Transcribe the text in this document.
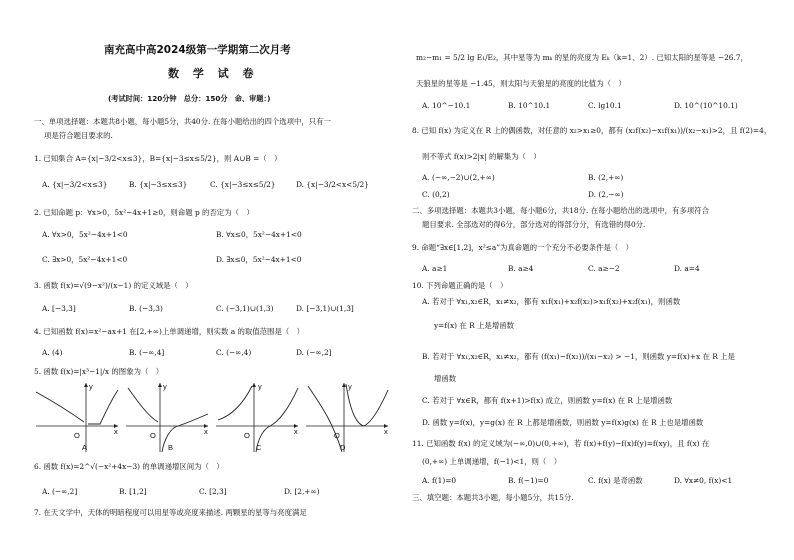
南充高中高2024级第一学期第二次月考
数 学 试 卷
(考试时间：120分钟　总分：150分　命、审题：)
一、单项选择题：本题共8小题，每小题5分，共40分. 在每小题给出的四个选项中，只有一
项是符合题目要求的.
1. 已知集合 A={x|−3/2<x≤3}，B={x|−3≤x≤5/2}，则 A∪B =（　）
A. {x|−3/2<x≤3}	B. {x|−3≤x≤3}	C. {x|−3≤x≤5/2}	D. {x|−3/2<x<5/2}
2. 已知命题 p：∀x>0，5x²−4x+1≥0，则命题 p 的否定为（　）
A. ∀x>0，5x²−4x+1<0	B. ∀x≤0，5x²−4x+1<0
C. ∃x>0，5x²−4x+1<0	D. ∃x≤0，5x²−4x+1<0
3. 函数 f(x)=√(9−x²)/(x−1) 的定义域是（　）
A. [−3,3]	B. (−3,3)	C. (−3,1)∪(1,3)	D. [−3,1)∪(1,3]
4. 已知函数 f(x)=x²−ax+1 在[2,+∞)上单调递增，则实数 a 的取值范围是（　）
A. (4)	B. (−∞,4]	C. (−∞,4)	D. (−∞,2]
5. 函数 f(x)=|x³−1|/x 的图象为（　）
O	x
y
A
O	x
y
B
O	x
y
C
O	x
y
D
6. 函数 f(x)=2^√(−x²+4x−3) 的单调递增区间为（　）
A. (−∞,2]	B. [1,2]	C. [2,3]	D. [2,+∞)
7. 在天文学中，天体的明暗程度可以用星等或亮度来描述. 两颗星的星等与亮度满足
m₂−m₁ = 5/2 lg E₁/E₂，其中星等为 mₖ 的星的亮度为 Eₖ（k=1、2）. 已知太阳的星等是 −26.7，
天狼星的星等是 −1.45，则太阳与天狼星的亮度的比值为（　）
A. 10^−10.1	B. 10^10.1	C. lg10.1	D. 10^(10^10.1)
8. 已知 f(x) 为定义在 R 上的偶函数，对任意的 x₂>x₁≥0，都有 (x₂f(x₂)−x₁f(x₁))/(x₂−x₁)>2，且 f(2)=4，
则不等式 f(x)>2|x| 的解集为（　）
A. (−∞,−2)∪(2,+∞)	B. (2,+∞)
C. (0,2)	D. (2,−∞)
二、多项选择题：本题共3小题，每小题6分，共18分. 在每小题给出的选项中，有多项符合
题目要求. 全部选对的得6分，部分选对的得部分分，有选错的得0分.
9. 命题“∃x∈[1,2]，x²≤a”为真命题的一个充分不必要条件是（　）
A. a≥1	B. a≥4	C. a≥−2	D. a=4
10. 下列命题正确的是（　）
A. 若对于 ∀x₁,x₂∈R，x₁≠x₂，都有 x₁f(x₁)+x₂f(x₂)>x₁f(x₂)+x₂f(x₁)，则函数
y=f(x) 在 R 上是增函数
B. 若对于 ∀x₁,x₂∈R，x₁≠x₂，都有 (f(x₁)−f(x₂))/(x₁−x₂) > −1，则函数 y=f(x)+x 在 R 上是
增函数
C. 若对于 ∀x∈R，都有 f(x+1)>f(x) 成立，则函数 y=f(x) 在 R 上是增函数
D. 函数 y=f(x)，y=g(x) 在 R 上都是增函数，则函数 y=f(x)g(x) 在 R 上也是增函数
11. 已知函数 f(x) 的定义域为(−∞,0)∪(0,+∞)，若 f(x)+f(y)−f(x)f(y)=f(xy)，且 f(x) 在
(0,+∞) 上单调递增，f(−1)<1，则（　）
A. f(1)=0	B. f(−1)=0	C. f(x) 是奇函数	D. ∀x≠0, f(x)<1
三、填空题：本题共3小题，每小题5分，共15分.
